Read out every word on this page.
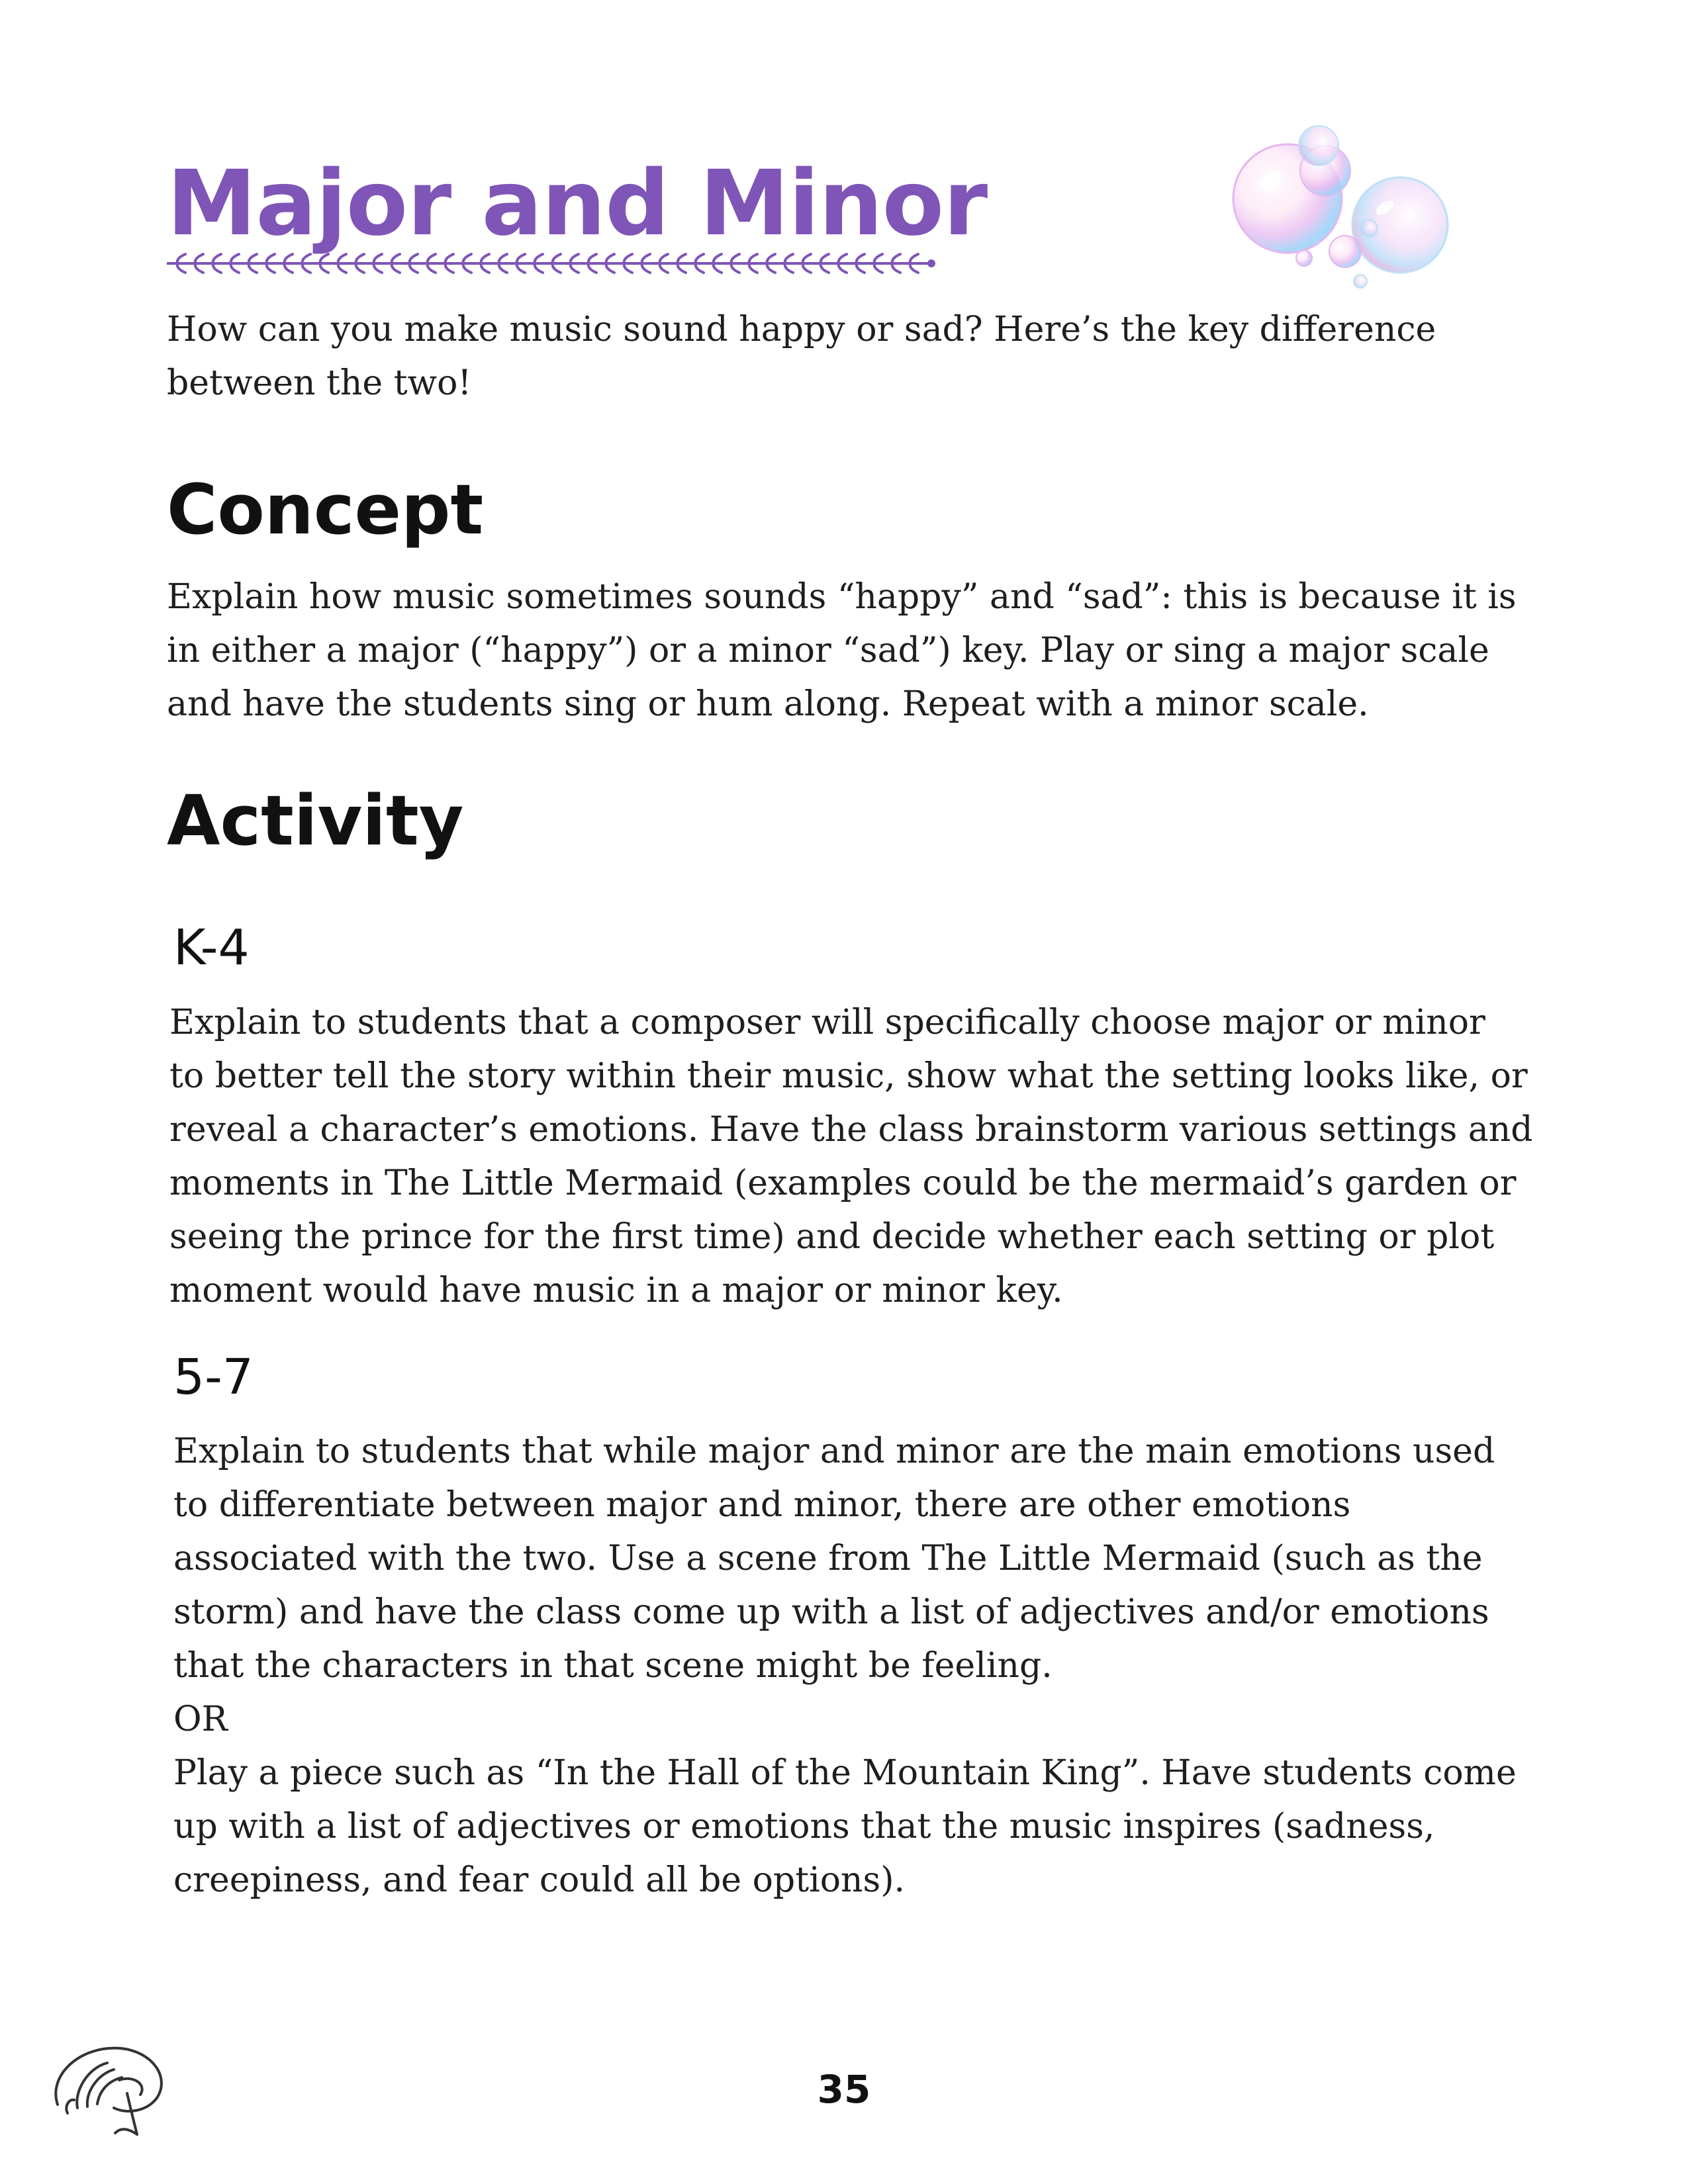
Major and Minor

How can you make music sound happy or sad? Here’s the key difference
between the two!

Concept

Explain how music sometimes sounds “happy” and “sad”: this is because it is
in either a major (“happy”) or a minor “sad”) key. Play or sing a major scale
and have the students sing or hum along. Repeat with a minor scale.

Activity
K-4

Explain to students that a composer will specifically choose major or minor
to better tell the story within their music, show what the setting looks like, or
reveal a character’s emotions. Have the class brainstorm various settings and
moments in The Little Mermaid (examples could be the mermaid’s garden or
seeing the prince for the first time) and decide whether each setting or plot
moment would have music in a major or minor key.

5-7

Explain to students that while major and minor are the main emotions used
to differentiate between major and minor, there are other emotions
associated with the two. Use a scene from The Little Mermaid (such as the
storm) and have the class come up with a list of adjectives and/or emotions
that the characters in that scene might be feeling.
OR
Play a piece such as “In the Hall of the Mountain King”. Have students come
up with a list of adjectives or emotions that the music inspires (sadness,
creepiness, and fear could all be options).

35
